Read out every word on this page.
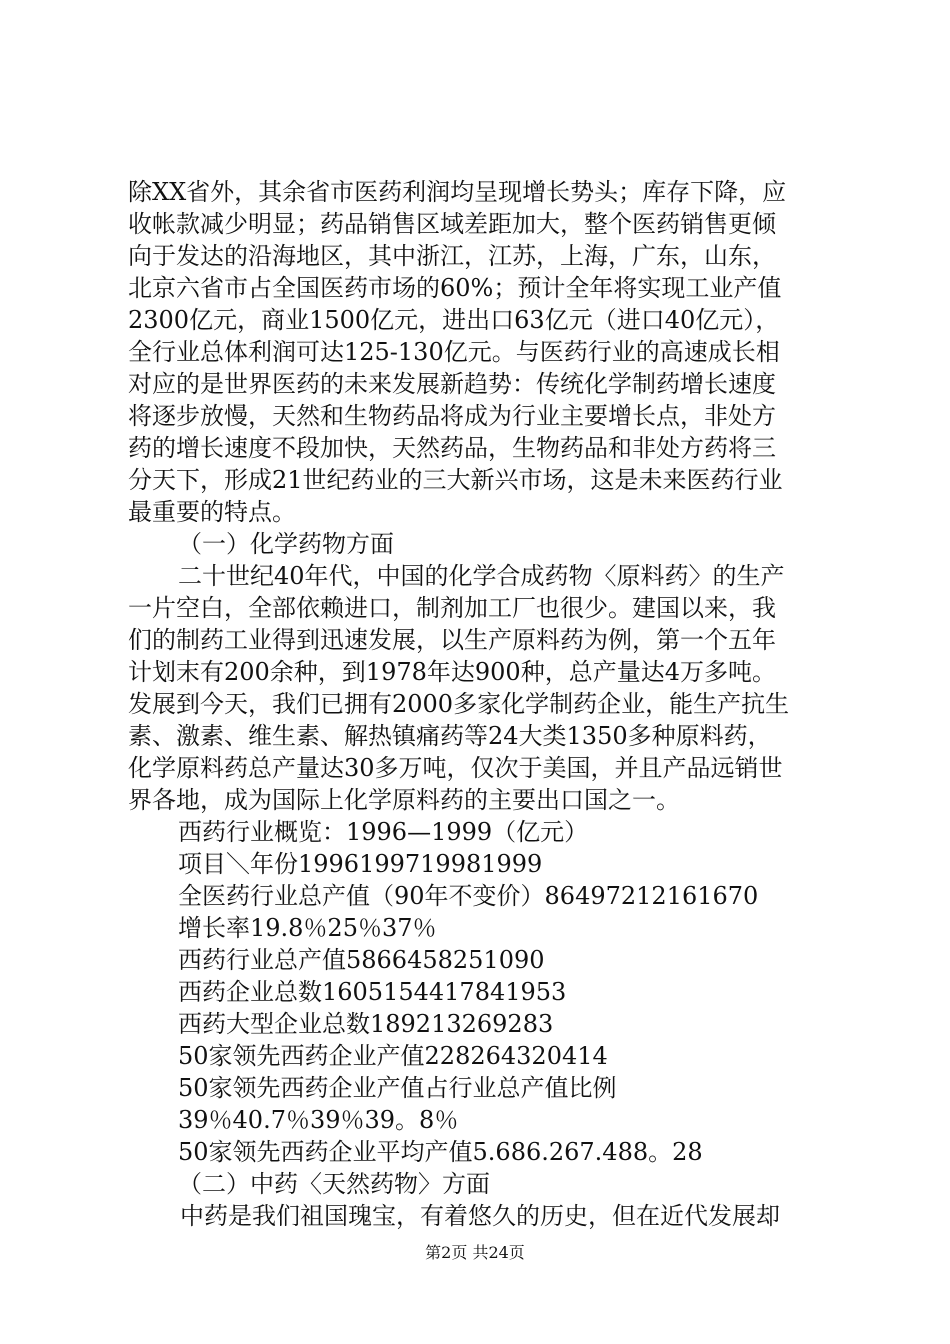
除XX省外，其余省市医药利润均呈现增长势头；库存下降，应
收帐款减少明显；药品销售区域差距加大，整个医药销售更倾
向于发达的沿海地区，其中浙江，江苏，上海，广东，山东，
北京六省市占全国医药市场的60%；预计全年将实现工业产值
2300亿元，商业1500亿元，进出口63亿元（进口40亿元），
全行业总体利润可达125-130亿元。与医药行业的高速成长相
对应的是世界医药的未来发展新趋势：传统化学制药增长速度
将逐步放慢，天然和生物药品将成为行业主要增长点，非处方
药的增长速度不段加快，天然药品，生物药品和非处方药将三
分天下，形成21世纪药业的三大新兴市场，这是未来医药行业
最重要的特点。
（一）化学药物方面
二十世纪40年代，中国的化学合成药物〈原料药〉的生产
一片空白，全部依赖进口，制剂加工厂也很少。建国以来，我
们的制药工业得到迅速发展，以生产原料药为例，第一个五年
计划末有200余种，到1978年达900种，总产量达4万多吨。
发展到今天，我们已拥有2000多家化学制药企业，能生产抗生
素、激素、维生素、解热镇痛药等24大类1350多种原料药，
化学原料药总产量达30多万吨，仅次于美国，并且产品远销世
界各地，成为国际上化学原料药的主要出口国之一。
西药行业概览：1996—1999（亿元）
项目＼年份1996199719981999
全医药行业总产值（90年不变价）86497212161670
增长率19.8％25％37％
西药行业总产值5866458251090
西药企业总数1605154417841953
西药大型企业总数189213269283
50家领先西药企业产值228264320414
50家领先西药企业产值占行业总产值比例
39％40.7％39％39。8％
50家领先西药企业平均产值5.686.267.488。28
（二）中药〈天然药物〉方面
中药是我们祖国瑰宝，有着悠久的历史，但在近代发展却
第2页 共24页
